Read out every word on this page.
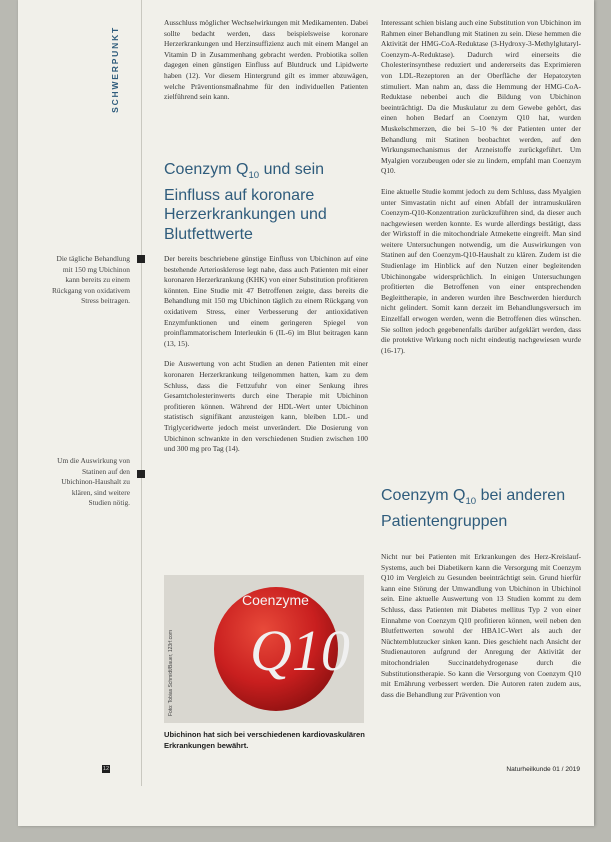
Die tägliche Behandlung mit 150 mg Ubichinon kann bereits zu einem Rückgang von oxidativem Stress beitragen.
Um die Auswirkung von Statinen auf den Ubichinon-Haushalt zu klären, sind weitere Studien nötig.
SCHWERPUNKT

Ausschluss möglicher Wechselwirkungen mit Medikamenten. Dabei sollte bedacht werden, dass beispielsweise koronare Herzerkrankungen und Herzinsuffizienz auch mit einem Mangel an Vitamin D in Zusammenhang gebracht werden. Probiotika sollen dagegen einen günstigen Einfluss auf Blutdruck und Lipidwerte haben (12). Vor diesem Hintergrund gilt es immer abzuwägen, welche Präventionsmaßnahme für den individuellen Patienten zielführend sein kann.

Coenzym $Q_{10}$ und sein Einfluss auf koronare Herzerkrankungen und Blutfettwerte

Der bereits beschriebene günstige Einfluss von Ubichinon auf eine bestehende Arteriosklerose legt nahe, dass auch Patienten mit einer koronaren Herzerkrankung (KHK) von einer Substitution profitieren könnten. Eine Studie mit 47 Betroffenen zeigte, dass bereits die Behandlung mit 150 mg Ubichinon täglich zu einem Rückgang von oxidativem Stress, einer Verbesserung der antioxidativen Enzymfunktionen und einem geringeren Spiegel von proinflammatorischem Interleukin 6 (IL-6) im Blut beitragen kann (13, 15).

Die Auswertung von acht Studien an denen Patienten mit einer koronaren Herzerkrankung teilgenommen hatten, kam zu dem Schluss, dass die Fettzufuhr von einer Senkung ihres Gesamtcholesterinwerts durch eine Therapie mit Ubichinon profitieren können. Während der HDL-Wert unter Ubichinon statistisch signifikant anzusteigen kann, bleiben LDL- und Triglyceridwerte jedoch meist unverändert. Die Dosierung von Ubichinon schwankte in den verschiedenen Studien zwischen 100 und 300 mg pro Tag (14).

Interessant schien bislang auch eine Substitution von Ubichinon im Rahmen einer Behandlung mit Statinen zu sein. Diese hemmen die Aktivität der HMG-CoA-Reduktase (3-Hydroxy-3-Methylglutaryl-Coenzym-A-Reduktase). Dadurch wird einerseits die Cholesterinsynthese reduziert und andererseits das Exprimieren von LDL-Rezeptoren an der Oberfläche der Hepatozyten stimuliert. Man nahm an, dass die Hemmung der HMG-CoA-Reduktase nebenbei auch die Bildung von Ubichinon beeinträchtigt. Da die Muskulatur zu dem Gewebe gehört, das einen hohen Bedarf an Coenzym Q10 hat, wurden Muskelschmerzen, die bei 5–10 % der Patienten unter der Behandlung mit Statinen beobachtet werden, auf den Wirkungsmechanismus der Arzneistoffe zurückgeführt. Um Myalgien vorzubeugen oder sie zu lindern, empfahl man Coenzym Q10.

Eine aktuelle Studie kommt jedoch zu dem Schluss, dass Myalgien unter Simvastatin nicht auf einen Abfall der intramuskulären Coenzym-Q10-Konzentration zurückzuführen sind, da dieser auch nachgewiesen werden konnte. Es wurde allerdings bestätigt, dass der Wirkstoff in die mitochondriale Atmekette eingreift. Man sind weitere Untersuchungen notwendig, um die Auswirkungen von Statinen auf den Coenzym-Q10-Haushalt zu klären. Zudem ist die Studienlage im Hinblick auf den Nutzen einer begleitenden Ubichinongabe widersprüchlich. In einigen Untersuchungen profitierten die Betroffenen von einer entsprechenden Begleittherapie, in anderen wurden ihre Beschwerden hierdurch nicht gelindert. Somit kann derzeit im Behandlungsversuch im Einzelfall erwogen werden, wenn die Betroffenen dies wünschen. Sie sollten jedoch gegebenenfalls darüber aufgeklärt werden, dass die protektive Wirkung noch nicht eindeutig nachgewiesen wurde (16-17).

Coenzym $Q_{10}$ bei anderen Patientengruppen

Nicht nur bei Patienten mit Erkrankungen des Herz-Kreislauf-Systems, auch bei Diabetikern kann die Versorgung mit Coenzym Q10 im Vergleich zu Gesunden beeinträchtigt sein. Grund hierfür kann eine Störung der Umwandlung von Ubichinon in Ubichinol sein. Eine aktuelle Auswertung von 13 Studien kommt zu dem Schluss, dass Patienten mit Diabetes mellitus Typ 2 von einer Einnahme von Coenzym Q10 profitieren können, weil neben den Blutfettwerten sowohl der HBA1C-Wert als auch der Nüchternblutzucker sinken kann. Dies geschieht nach Ansicht der Studienautoren aufgrund der Anregung der Aktivität der mitochondrialen Succinatdehydrogenase durch die Substitutionstherapie. So kann die Versorgung von Coenzym Q10 mit Ernährung verbessert werden. Die Autoren raten zudem aus, dass die Behandlung zur Prävention von

Coenzyme
Q10
Foto: Tobias Schmidt/Bauer, 123rf.com
Ubichinon hat sich bei verschiedenen kardiovaskulären Erkrankungen bewährt.
12	Naturheilkunde 01 / 2019
